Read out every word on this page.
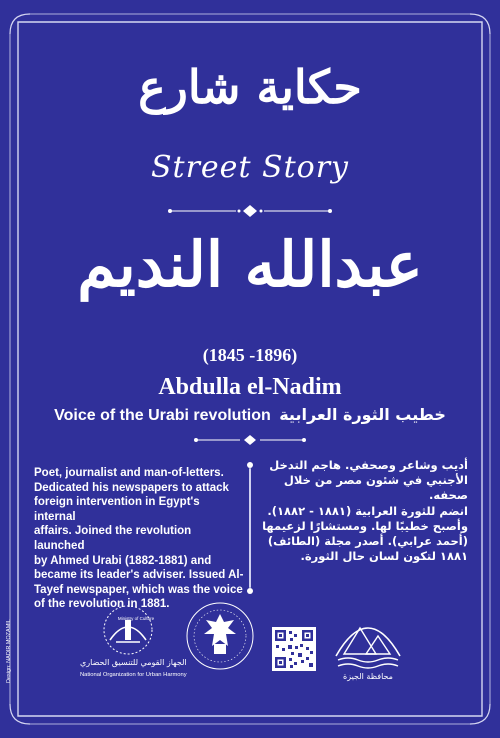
حكاية شارع
Street Story
عبدالله النديم
(1845 -1896)
Abdulla el-Nadim
Voice of the Urabi revolution خطيب الثورة العرابية
Poet, journalist and man-of-letters.
Dedicated his newspapers to attack
foreign intervention in Egypt's internal
affairs. Joined the revolution launched
by Ahmed Urabi (1882-1881) and
became its leader's adviser. Issued Al-
Tayef newspaper, which was the voice
of the revolution in 1881.
أديب وشاعر وصحفي. هاجم التدخل
الأجنبي في شئون مصر من خلال صحفه.
انضم للثورة العرابية (١٨٨١ - ١٨٨٢).
وأصبح خطيبًا لها. ومستشارًا لزعيمها
(أحمد عرابي). أصدر مجلة (الطائف)
١٨٨١ لتكون لسان حال الثورة.
Design: NADIR MOZAMIL	الجهاز القومي للتنسيق الحضاري
National Organization for Urban Harmony
Ministry of Culture
محافظة الجيزة
